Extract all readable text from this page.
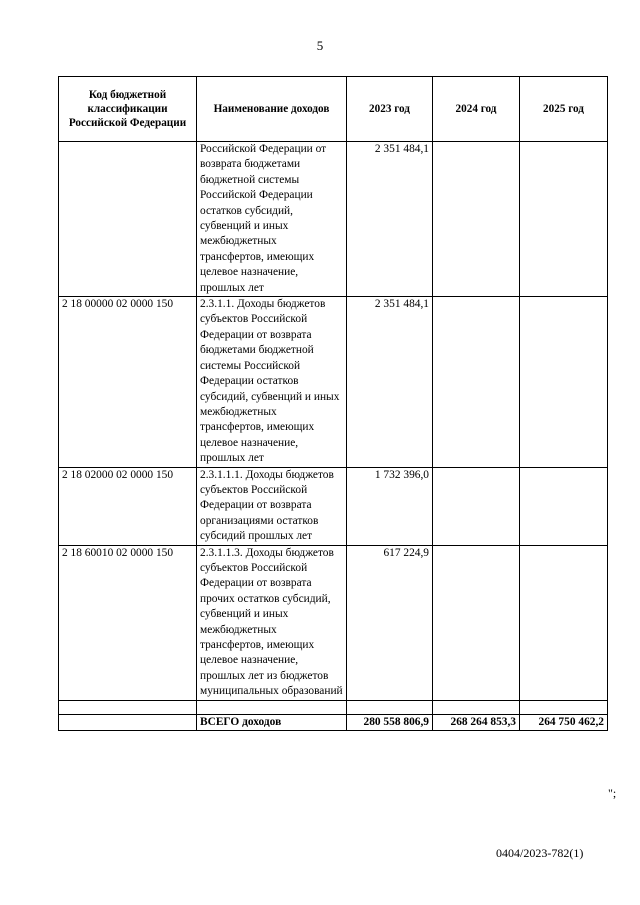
5
Код бюджетной классификации Российской Федерации	Наименование доходов	2023 год	2024 год	2025 год
	Российской Федерации от возврата бюджетами бюджетной системы Российской Федерации остатков субсидий, субвенций и иных межбюджетных трансфертов, имеющих целевое назначение, прошлых лет	2 351 484,1		
2 18 00000 02 0000 150	2.3.1.1. Доходы бюджетов субъектов Российской Федерации от возврата бюджетами бюджетной системы Российской Федерации остатков субсидий, субвенций и иных межбюджетных трансфертов, имеющих целевое назначение, прошлых лет	2 351 484,1		
2 18 02000 02 0000 150	2.3.1.1.1. Доходы бюджетов субъектов Российской Федерации от возврата организациями остатков субсидий прошлых лет	1 732 396,0		
2 18 60010 02 0000 150	2.3.1.1.3. Доходы бюджетов субъектов Российской Федерации от возврата прочих остатков субсидий, субвенций и иных межбюджетных трансфертов, имеющих целевое назначение, прошлых лет из бюджетов муниципальных образований	617 224,9		

	ВСЕГО доходов	280 558 806,9	268 264 853,3	264 750 462,2
";
0404/2023-782(1)
